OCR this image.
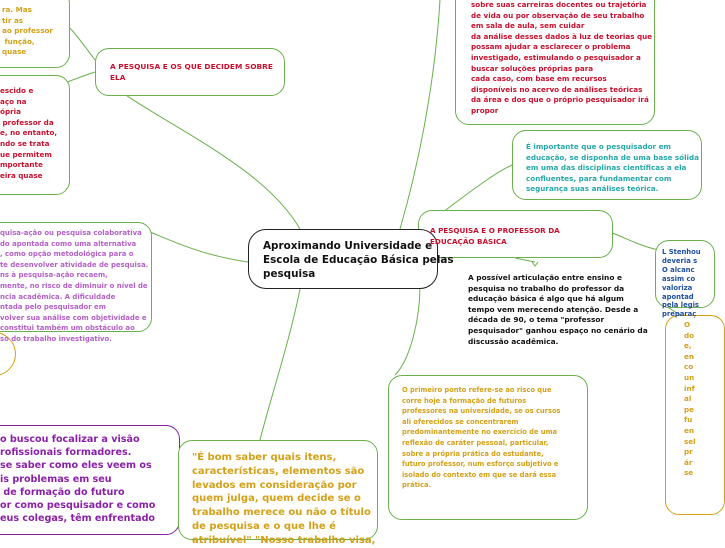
Aproximando Universidade e
Escola de Educação Básica pelas
pesquisa
A PESQUISA E OS QUE DECIDEM SOBRE
ELA
A PESQUISA E O PROFESSOR DA
EDUCAÇÃO BÁSICA
ra. Mas
tir as
ao professor
função,
quase
escido e
aço na
ópria
professor da
e, no entanto,
ndo se trata
ue permitem
mportante
eira quase
quisa-ação ou pesquisa colaborativa
do apontada como uma alternativa
, como opção metodológica para o
te desenvolver atividade de pesquisa.
ns à pesquisa-ação recaem,
mente, no risco de diminuir o nível de
ncia acadêmica. A dificuldade
ntada pelo pesquisador em
volver sua análise com objetividade e
constitui também um obstáculo ao
so do trabalho investigativo.
sobre suas carreiras docentes ou trajetória
de vida ou por observação de seu trabalho
em sala de aula, sem cuidar
da análise desses dados à luz de teorias que
possam ajudar a esclarecer o problema
investigado, estimulando o pesquisador a
buscar soluções próprias para
cada caso, com base em recursos
disponíveis no acervo de análises teóricas
da área e dos que o próprio pesquisador irá
propor
É importante que o pesquisador em
educação, se disponha de uma base sólida
em uma das disciplinas científicas a ela
confluentes, para fundamentar com
segurança suas análises teórica.
A possível articulação entre ensino e
pesquisa no trabalho do professor da
educação básica é algo que há algum
tempo vem merecendo atenção. Desde a
década de 90, o tema "professor
pesquisador" ganhou espaço no cenário da
discussão acadêmica.
L Stenhou
deveria s
O alcanc
assim co
valoriza
apontad
pela legis
preparaç
O
do
e,
en
co
un
inf
al
pe
fu
en
sel
pr
ár
se
O primeiro ponto refere-se ao risco que
corre hoje a formação de futuros
professores na universidade, se os cursos
ali oferecidos se concentrarem
predominantemente no exercício de uma
reflexão de caráter pessoal, particular,
sobre a própria prática do estudante,
futuro professor, num esforço subjetivo e
isolado do contexto em que se dará essa
prática.
"É bom saber quais itens,
características, elementos são
levados em consideração por
quem julga, quem decide se o
trabalho merece ou não o título
de pesquisa e o que lhe é
atribuível" "Nosso trabalho visa,
o buscou focalizar a visão
rofissionais formadores.
se saber como eles veem os
is problemas em seu
de formação do futuro
or como pesquisador e como
eus colegas, têm enfrentado
